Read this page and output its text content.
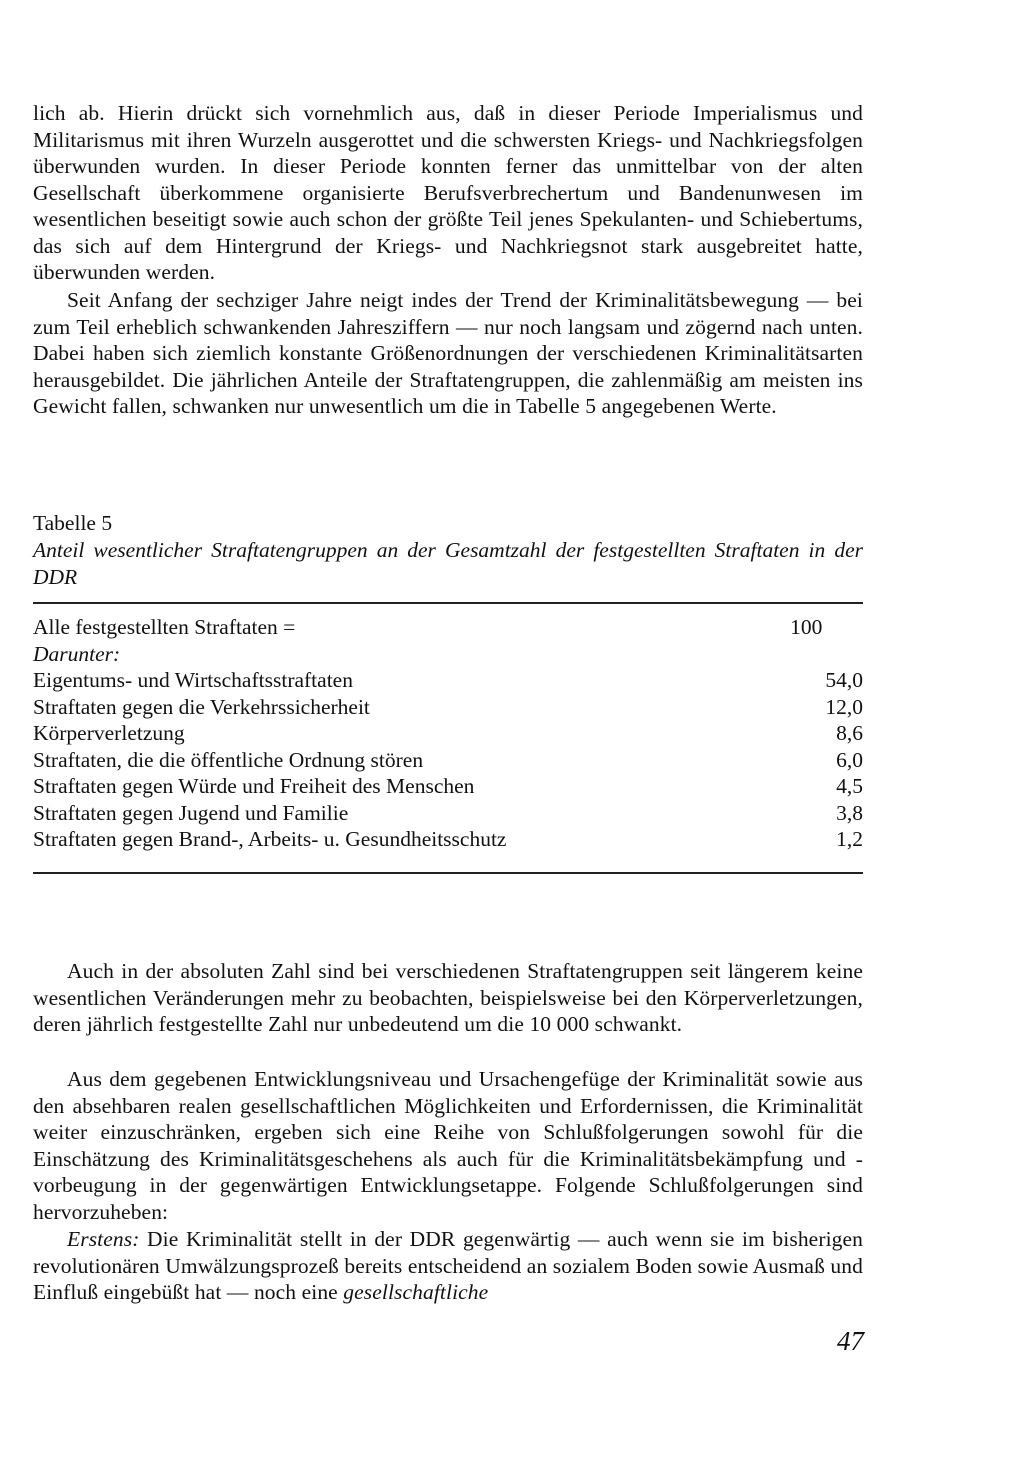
lich ab. Hierin drückt sich vornehmlich aus, daß in dieser Periode Imperialismus und Militarismus mit ihren Wurzeln ausgerottet und die schwersten Kriegs- und Nachkriegsfolgen überwunden wurden. In dieser Periode konnten ferner das unmittelbar von der alten Gesellschaft überkommene organisierte Berufsverbrechertum und Bandenunwesen im wesentlichen beseitigt sowie auch schon der größte Teil jenes Spekulanten- und Schiebertums, das sich auf dem Hintergrund der Kriegs- und Nachkriegsnot stark ausgebreitet hatte, überwunden werden.

Seit Anfang der sechziger Jahre neigt indes der Trend der Kriminalitätsbewegung — bei zum Teil erheblich schwankenden Jahresziffern — nur noch langsam und zögernd nach unten. Dabei haben sich ziemlich konstante Größenordnungen der verschiedenen Kriminalitätsarten herausgebildet. Die jährlichen Anteile der Straftatengruppen, die zahlenmäßig am meisten ins Gewicht fallen, schwanken nur unwesentlich um die in Tabelle 5 angegebenen Werte.

Tabelle 5
Anteil wesentlicher Straftatengruppen an der Gesamtzahl der festgestellten Straftaten in der DDR
Alle festgestellten Straftaten =	100
Darunter:	
Eigentums- und Wirtschaftsstraftaten	54,0
Straftaten gegen die Verkehrssicherheit	12,0
Körperverletzung	8,6
Straftaten, die die öffentliche Ordnung stören	6,0
Straftaten gegen Würde und Freiheit des Menschen	4,5
Straftaten gegen Jugend und Familie	3,8
Straftaten gegen Brand-, Arbeits- u. Gesundheitsschutz	1,2

Auch in der absoluten Zahl sind bei verschiedenen Straftatengruppen seit längerem keine wesentlichen Veränderungen mehr zu beobachten, beispielsweise bei den Körperverletzungen, deren jährlich festgestellte Zahl nur unbedeutend um die 10 000 schwankt.

Aus dem gegebenen Entwicklungsniveau und Ursachengefüge der Kriminalität sowie aus den absehbaren realen gesellschaftlichen Möglichkeiten und Erfordernissen, die Kriminalität weiter einzuschränken, ergeben sich eine Reihe von Schlußfolgerungen sowohl für die Einschätzung des Kriminalitätsgeschehens als auch für die Kriminalitätsbekämpfung und -vorbeugung in der gegenwärtigen Entwicklungsetappe. Folgende Schlußfolgerungen sind hervorzuheben:

Erstens: Die Kriminalität stellt in der DDR gegenwärtig — auch wenn sie im bisherigen revolutionären Umwälzungsprozeß bereits entscheidend an sozialem Boden sowie Ausmaß und Einfluß eingebüßt hat — noch eine gesellschaftliche

47
